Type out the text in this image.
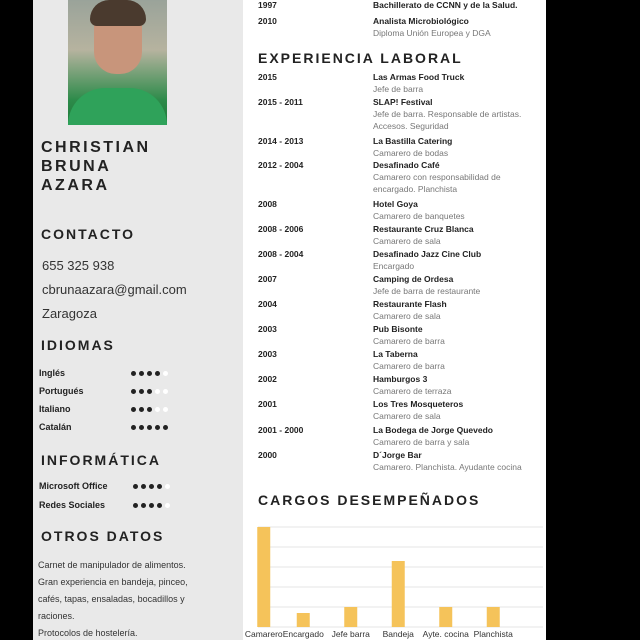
CHRISTIAN
BRUNA
AZARA
CONTACTO
655 325 938
cbrunaazara@gmail.com
Zaragoza
IDIOMAS
Inglés
Portugués
Italiano
Catalán
INFORMÁTICA
Microsoft Office
Redes Sociales
OTROS DATOS
Carnet de manipulador de alimentos.
Gran experiencia en bandeja, pinceo,
cafés, tapas, ensaladas, bocadillos y
raciones.
Protocolos de hostelería.
1997	Bachillerato de CCNN y de la Salud.
2010	Analista Microbiológico
Diploma Unión Europea y DGA
EXPERIENCIA LABORAL
2015	Las Armas Food Truck
Jefe de barra
2015 - 2011	SLAP! Festival
Jefe de barra. Responsable de artistas. Accesos. Seguridad
2014 - 2013	La Bastilla Catering
Camarero de bodas
2012 - 2004	Desafinado Café
Camarero con responsabilidad de encargado. Planchista
2008	Hotel Goya
Camarero de banquetes
2008 - 2006	Restaurante Cruz Blanca
Camarero de sala
2008 - 2004	Desafinado Jazz Cine Club
Encargado
2007	Camping de Ordesa
Jefe de barra de restaurante
2004	Restaurante Flash
Camarero de sala
2003	Pub Bisonte
Camarero de barra
2003	La Taberna
Camarero de barra
2002	Hamburgos 3
Camarero de terraza
2001	Los Tres Mosqueteros
Camarero de sala
2001 - 2000	La Bodega de Jorge Quevedo
Camarero de barra y sala
2000	D´Jorge Bar
Camarero. Planchista. Ayudante cocina
CARGOS DESEMPEÑADOS
Camarero Encargado Jefe barra Bandeja Ayte. cocina Planchista
